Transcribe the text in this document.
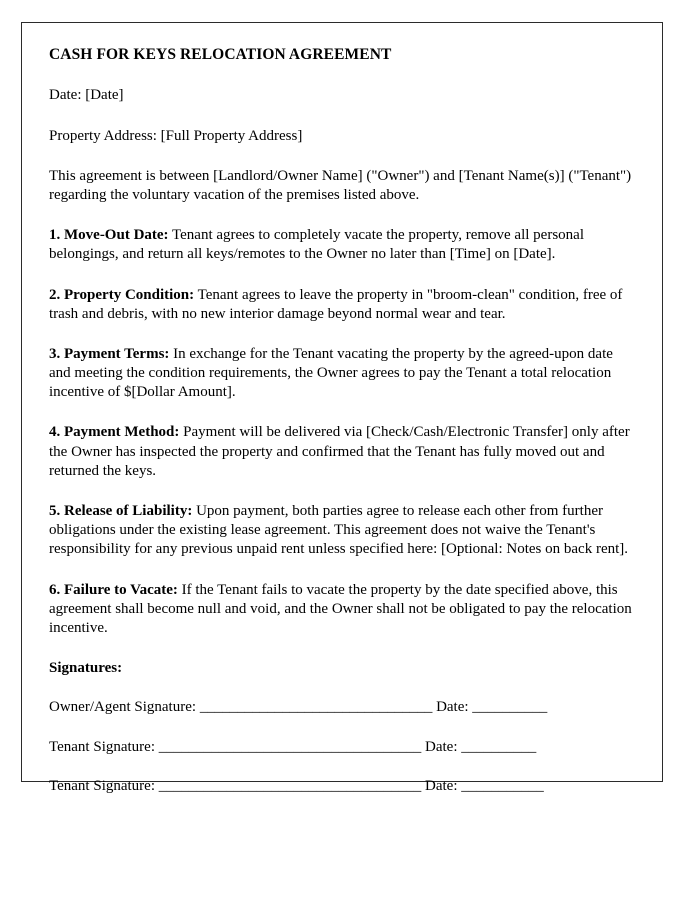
CASH FOR KEYS RELOCATION AGREEMENT

Date: [Date]

Property Address: [Full Property Address]

This agreement is between [Landlord/Owner Name] ("Owner") and [Tenant Name(s)] ("Tenant") regarding the voluntary vacation of the premises listed above.

1. Move-Out Date: Tenant agrees to completely vacate the property, remove all personal belongings, and return all keys/remotes to the Owner no later than [Time] on [Date].

2. Property Condition: Tenant agrees to leave the property in "broom-clean" condition, free of trash and debris, with no new interior damage beyond normal wear and tear.

3. Payment Terms: In exchange for the Tenant vacating the property by the agreed-upon date and meeting the condition requirements, the Owner agrees to pay the Tenant a total relocation incentive of $[Dollar Amount].

4. Payment Method: Payment will be delivered via [Check/Cash/Electronic Transfer] only after the Owner has inspected the property and confirmed that the Tenant has fully moved out and returned the keys.

5. Release of Liability: Upon payment, both parties agree to release each other from further obligations under the existing lease agreement. This agreement does not waive the Tenant's responsibility for any previous unpaid rent unless specified here: [Optional: Notes on back rent].

6. Failure to Vacate: If the Tenant fails to vacate the property by the date specified above, this agreement shall become null and void, and the Owner shall not be obligated to pay the relocation incentive.

Signatures:

Owner/Agent Signature: _______________________________ Date: __________

Tenant Signature: ___________________________________ Date: __________

Tenant Signature: ___________________________________ Date: ___________
